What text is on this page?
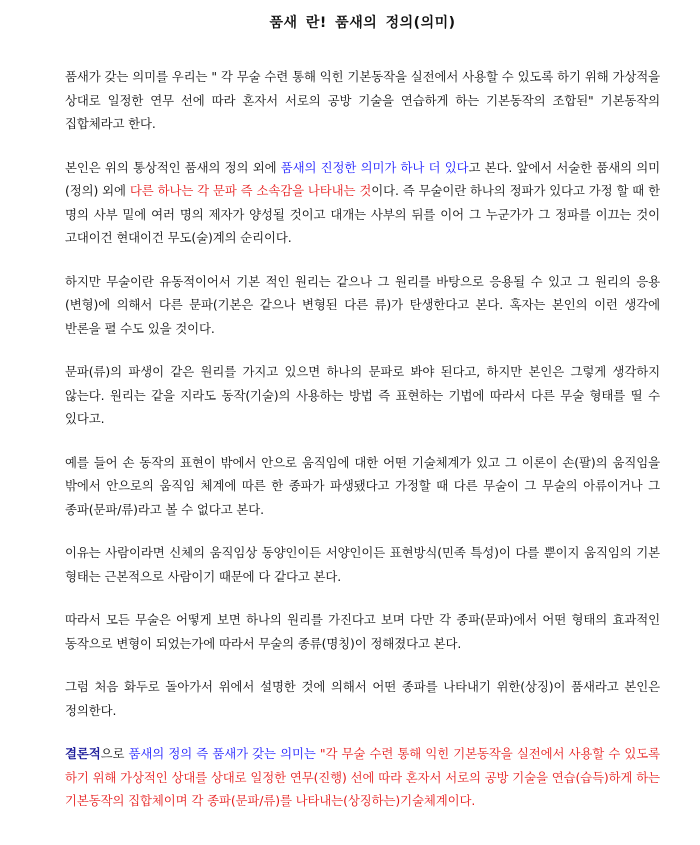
품새 란! 품새의 정의(의미)

품새가 갖는 의미를 우리는 " 각 무술 수련 통해 익힌 기본동작을 실전에서 사용할 수 있도록 하기 위해 가상적을 상대로 일정한 연무 선에 따라 혼자서 서로의 공방 기술을 연습하게 하는 기본동작의 조합된" 기본동작의 집합체라고 한다.

본인은 위의 통상적인 품새의 정의 외에 품새의 진정한 의미가 하나 더 있다고 본다. 앞에서 서술한 품새의 의미(정의) 외에 다른 하나는 각 문파 즉 소속감을 나타내는 것이다. 즉 무술이란 하나의 정파가 있다고 가정 할 때 한 명의 사부 밑에 여러 명의 제자가 양성될 것이고 대개는 사부의 뒤를 이어 그 누군가가 그 정파를 이끄는 것이 고대이건 현대이건 무도(술)계의 순리이다.

하지만 무술이란 유동적이어서 기본 적인 원리는 같으나 그 원리를 바탕으로 응용될 수 있고 그 원리의 응용(변형)에 의해서 다른 문파(기본은 같으나 변형된 다른 류)가 탄생한다고 본다. 혹자는 본인의 이런 생각에 반론을 펼 수도 있을 것이다.

문파(류)의 파생이 같은 원리를 가지고 있으면 하나의 문파로 봐야 된다고, 하지만 본인은 그렇게 생각하지 않는다. 원리는 같을 지라도 동작(기술)의 사용하는 방법 즉 표현하는 기법에 따라서 다른 무술 형태를 띨 수 있다고.

예를 들어 손 동작의 표현이 밖에서 안으로 움직임에 대한 어떤 기술체계가 있고 그 이론이 손(팔)의 움직임을 밖에서 안으로의 움직임 체계에 따른 한 종파가 파생됐다고 가정할 때 다른 무술이 그 무술의 아류이거나 그 종파(문파/류)라고 볼 수 없다고 본다.

이유는 사람이라면 신체의 움직임상 동양인이든 서양인이든 표현방식(민족 특성)이 다를 뿐이지 움직임의 기본 형태는 근본적으로 사람이기 때문에 다 같다고 본다.

따라서 모든 무술은 어떻게 보면 하나의 원리를 가진다고 보며 다만 각 종파(문파)에서 어떤 형태의 효과적인 동작으로 변형이 되었는가에 따라서 무술의 종류(명칭)이 정해졌다고 본다.

그럼 처음 화두로 돌아가서 위에서 설명한 것에 의해서 어떤 종파를 나타내기 위한(상징)이 품새라고 본인은 정의한다.

결론적으로 품새의 정의 즉 품새가 갖는 의미는 "각 무술 수련 통해 익힌 기본동작을 실전에서 사용할 수 있도록 하기 위해 가상적인 상대를 상대로 일정한 연무(진행) 선에 따라 혼자서 서로의 공방 기술을 연습(습득)하게 하는 기본동작의 집합체이며 각 종파(문파/류)를 나타내는(상징하는)기술체계이다.
